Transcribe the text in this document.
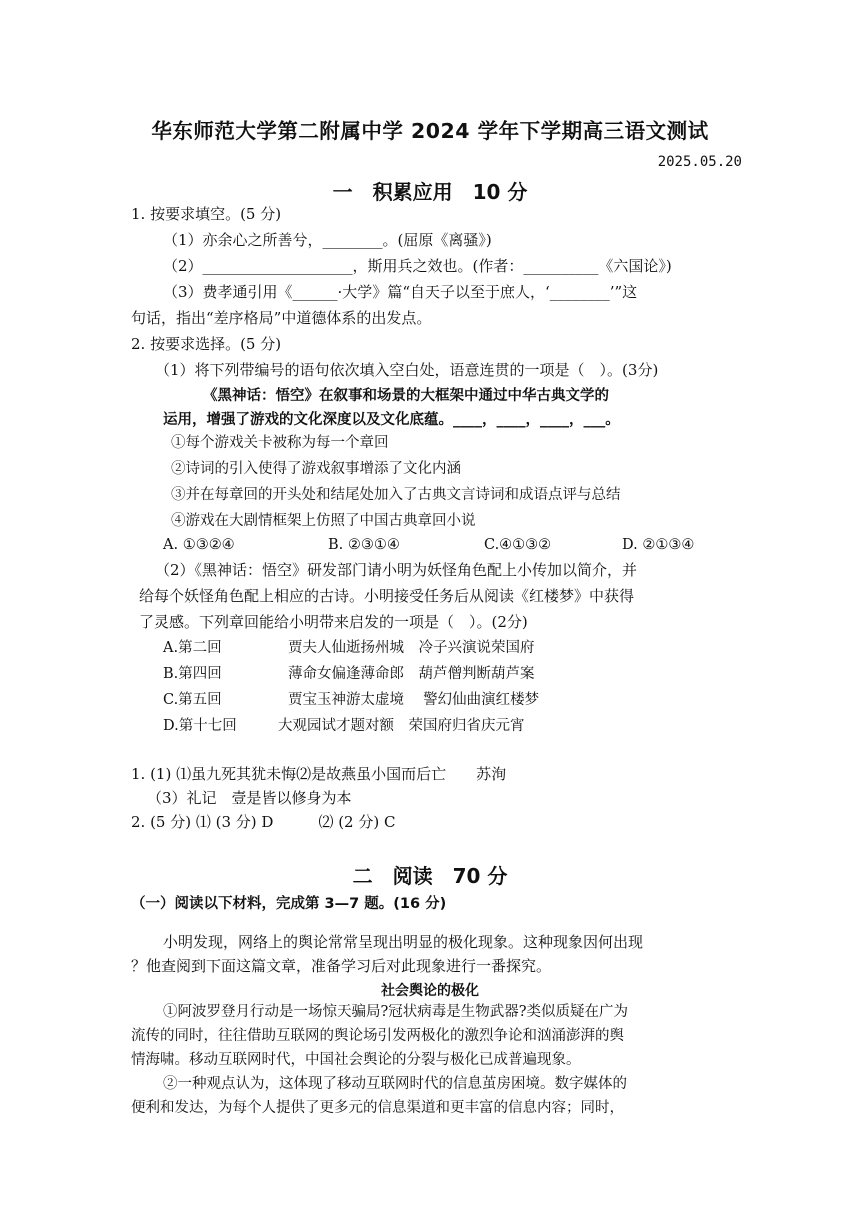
华东师范大学第二附属中学 2024 学年下学期高三语文测试
2025.05.20
一　积累应用　10 分
1. 按要求填空。(5 分)
（1）亦余心之所善兮，________。(屈原《离骚》)
（2）____________________，斯用兵之效也。(作者：__________《六国论》)
（3）费孝通引用《______·大学》篇“自天子以至于庶人，‘________’”这
句话，指出“差序格局”中道德体系的出发点。
2. 按要求选择。(5 分)
（1）将下列带编号的语句依次填入空白处，语意连贯的一项是（　）。(3分)
《黑神话：悟空》在叙事和场景的大框架中通过中华古典文学的
运用，增强了游戏的文化深度以及文化底蕴。____，____，____，___。
①每个游戏关卡被称为每一个章回
②诗词的引入使得了游戏叙事增添了文化内涵
③并在每章回的开头处和结尾处加入了古典文言诗词和成语点评与总结
④游戏在大剧情框架上仿照了中国古典章回小说
A. ①③②④	B. ②③①④	C.④①③②	D. ②①③④
（2）《黑神话：悟空》研发部门请小明为妖怪角色配上小传加以简介，并
给每个妖怪角色配上相应的古诗。小明接受任务后从阅读《红楼梦》中获得
了灵感。下列章回能给小明带来启发的一项是（　）。(2分)
A.第二回	贾夫人仙逝扬州城　冷子兴演说荣国府
B.第四回	薄命女偏逢薄命郎　葫芦僧判断葫芦案
C.第五回	贾宝玉神游太虚境　 警幻仙曲演红楼梦
D.第十七回	大观园试才题对额　荣国府归省庆元宵
1. (1) ⑴虽九死其犹未悔⑵是故燕虽小国而后亡　　苏洵
（3）礼记　壹是皆以修身为本
2. (5 分) ⑴ (3 分) D　　　⑵ (2 分) C
二　阅读　70 分
（一）阅读以下材料，完成第 3—7 题。(16 分)
小明发现，网络上的舆论常常呈现出明显的极化现象。这种现象因何出现
？他查阅到下面这篇文章，准备学习后对此现象进行一番探究。
社会舆论的极化
①阿波罗登月行动是一场惊天骗局?冠状病毒是生物武器?类似质疑在广为
流传的同时，往往借助互联网的舆论场引发两极化的激烈争论和汹涌澎湃的舆
情海啸。移动互联网时代，中国社会舆论的分裂与极化已成普遍现象。
②一种观点认为，这体现了移动互联网时代的信息茧房困境。数字媒体的
便利和发达，为每个人提供了更多元的信息渠道和更丰富的信息内容；同时，
